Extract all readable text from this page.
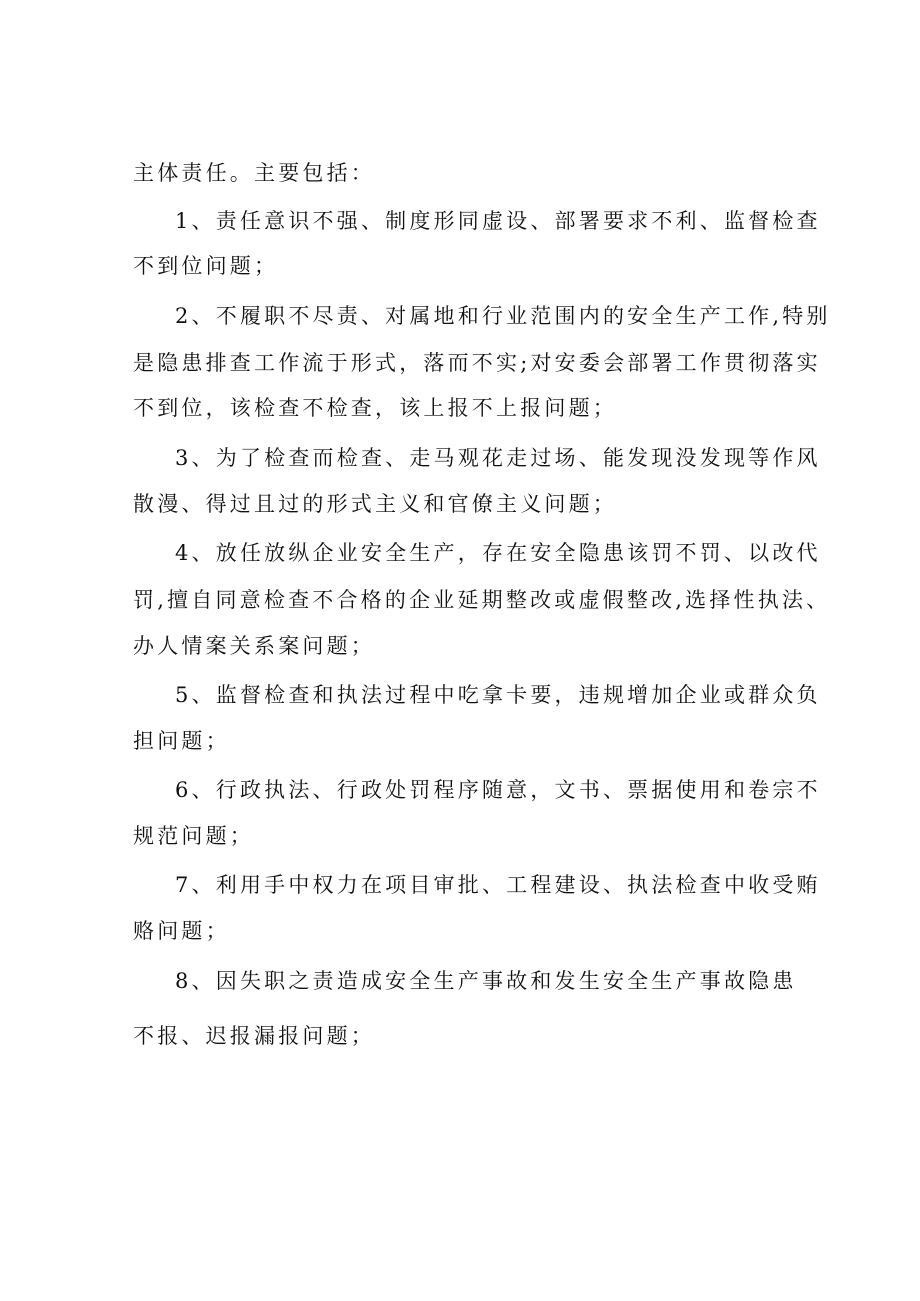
主体责任。主要包括：
1、责任意识不强、制度形同虚设、部署要求不利、监督检查
不到位问题；
2、不履职不尽责、对属地和行业范围内的安全生产工作,特别
是隐患排查工作流于形式，落而不实;对安委会部署工作贯彻落实
不到位，该检查不检查，该上报不上报问题；
3、为了检查而检查、走马观花走过场、能发现没发现等作风
散漫、得过且过的形式主义和官僚主义问题；
4、放任放纵企业安全生产，存在安全隐患该罚不罚、以改代
罚,擅自同意检查不合格的企业延期整改或虚假整改,选择性执法、
办人情案关系案问题；
5、监督检查和执法过程中吃拿卡要，违规增加企业或群众负
担问题；
6、行政执法、行政处罚程序随意，文书、票据使用和卷宗不
规范问题；
7、利用手中权力在项目审批、工程建设、执法检查中收受贿
赂问题；
8、因失职之责造成安全生产事故和发生安全生产事故隐患
不报、迟报漏报问题；
